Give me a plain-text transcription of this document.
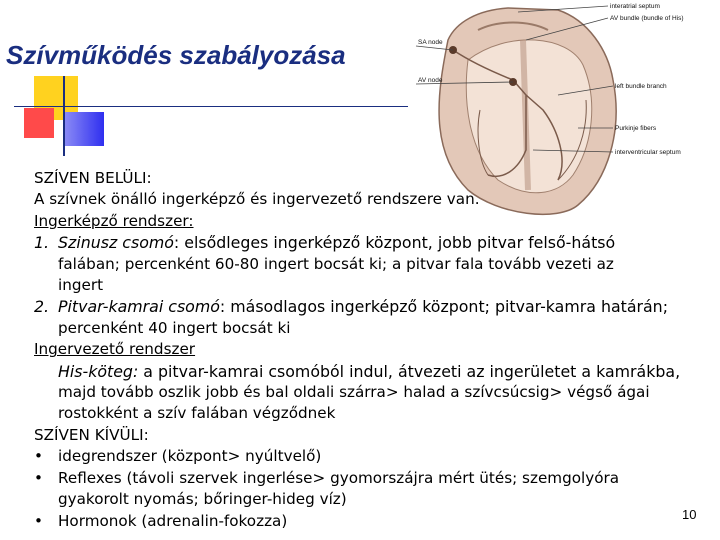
Szívműködés szabályozása
interatrial septum
AV bundle (bundle of His)
SA node
AV node
left bundle branch
Purkinje fibers
interventricular septum
SZÍVEN BELÜLI:
A szívnek önálló ingerképző és ingervezető rendszere van.
Ingerképző rendszer:
1. Szinusz csomó: elsődleges ingerképző központ, jobb pitvar felső-hátsó
falában; percenként 60-80 ingert bocsát ki; a pitvar fala tovább vezeti az
ingert
2. Pitvar-kamrai csomó: másodlagos ingerképző központ; pitvar-kamra határán;
percenként 40 ingert bocsát ki
Ingervezető rendszer
His-köteg: a pitvar-kamrai csomóból indul, átvezeti az ingerületet a kamrákba,
majd tovább oszlik jobb és bal oldali szárra> halad a szívcsúcsig> végső ágai
rostokként a szív falában végződnek
SZÍVEN KÍVÜLI:
• idegrendszer (központ> nyúltvelő)
• Reflexes (távoli szervek ingerlése> gyomorszájra mért ütés; szemgolyóra
gyakorolt nyomás; bőringer-hideg víz)
• Hormonok (adrenalin-fokozza)	10
